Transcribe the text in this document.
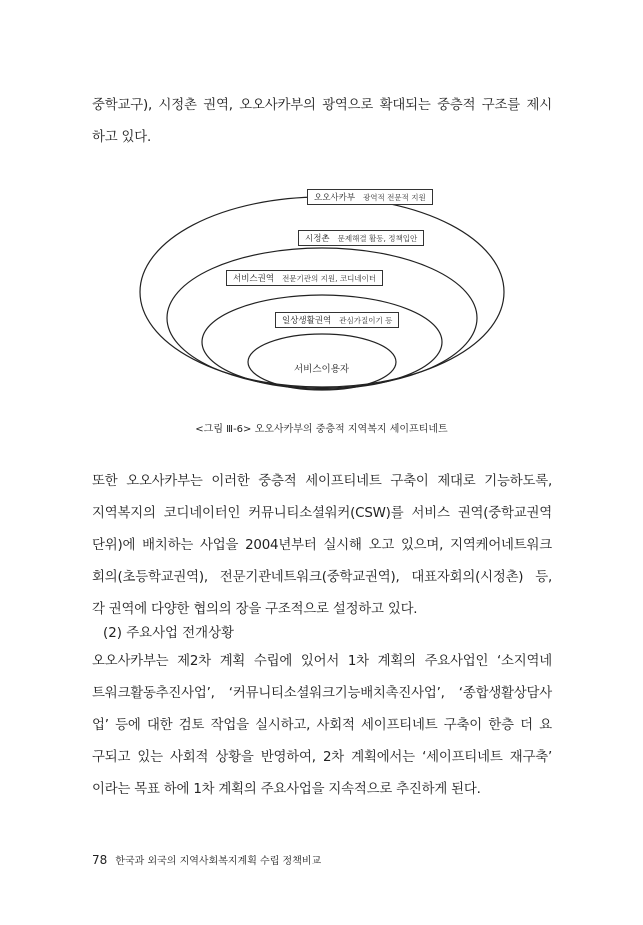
중학교구), 시정촌 권역, 오오사카부의 광역으로 확대되는 중층적 구조를 제시
하고 있다.
오오사카부 광역적 전문적 지원
시정촌 문제해결 활동, 정책입안
서비스권역 전문기관의 지원, 코디네이터
일상생활권역 관심가질이기 등
서비스이용자
<그림 Ⅲ-6> 오오사카부의 중층적 지역복지 세이프티네트
또한 오오사카부는 이러한 중층적 세이프티네트 구축이 제대로 기능하도록,
지역복지의 코디네이터인 커뮤니티소셜워커(CSW)를 서비스 권역(중학교권역
단위)에 배치하는 사업을 2004년부터 실시해 오고 있으며, 지역케어네트워크
회의(초등학교권역), 전문기관네트워크(중학교권역), 대표자회의(시정촌) 등,
각 권역에 다양한 협의의 장을 구조적으로 설정하고 있다.
(2) 주요사업 전개상황
오오사카부는 제2차 계획 수립에 있어서 1차 계획의 주요사업인 ‘소지역네
트워크활동추진사업’, ‘커뮤니티소셜워크기능배치촉진사업’, ‘종합생활상담사
업’ 등에 대한 검토 작업을 실시하고, 사회적 세이프티네트 구축이 한층 더 요
구되고 있는 사회적 상황을 반영하여, 2차 계획에서는 ‘세이프티네트 재구축’
이라는 목표 하에 1차 계획의 주요사업을 지속적으로 추진하게 된다.
78 한국과 외국의 지역사회복지계획 수립 정책비교
